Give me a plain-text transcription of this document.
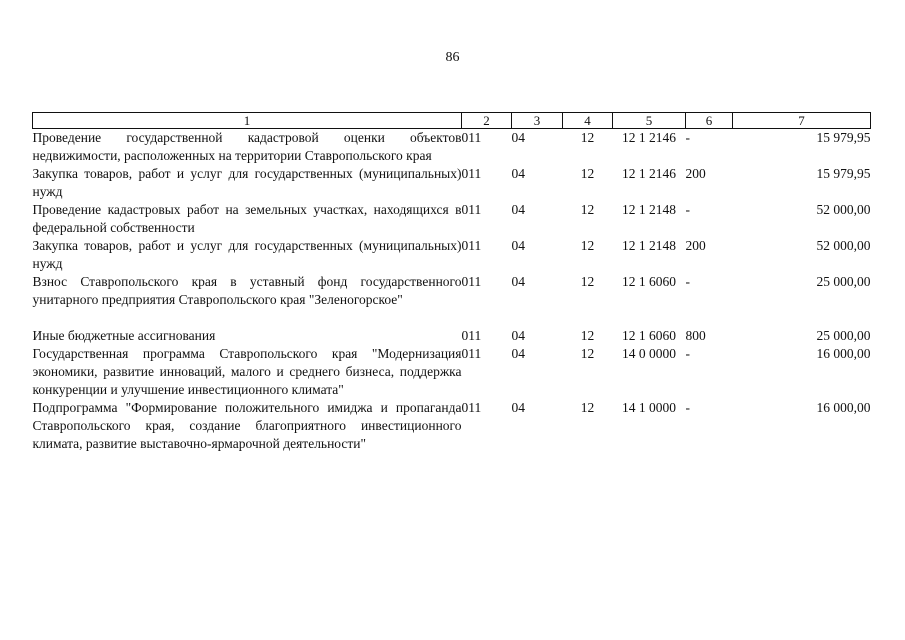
86
1	2	3	4	5	6	7
Проведение государственной кадастровой оценки объектов недвижимости, расположенных на территории Ставропольского края	011	04	12	12 1 2146	-	15 979,95
Закупка товаров, работ и услуг для государственных (муниципальных) нужд	011	04	12	12 1 2146	200	15 979,95
Проведение кадастровых работ на земельных участках, находящихся в федеральной собственности	011	04	12	12 1 2148	-	52 000,00
Закупка товаров, работ и услуг для государственных (муниципальных) нужд	011	04	12	12 1 2148	200	52 000,00
Взнос Ставропольского края в уставный фонд государственного унитарного предприятия Ставропольского края "Зеленогорское"	011	04	12	12 1 6060	-	25 000,00

Иные бюджетные ассигнования	011	04	12	12 1 6060	800	25 000,00
Государственная программа Ставропольского края "Модернизация экономики, развитие инноваций, малого и среднего бизнеса, поддержка конкуренции и улучшение инвестиционного климата"	011	04	12	14 0 0000	-	16 000,00
Подпрограмма "Формирование положительного имиджа и пропаганда Ставропольского края, создание благоприятного инвестиционного климата, развитие выставочно-ярмарочной деятельности"	011	04	12	14 1 0000	-	16 000,00
